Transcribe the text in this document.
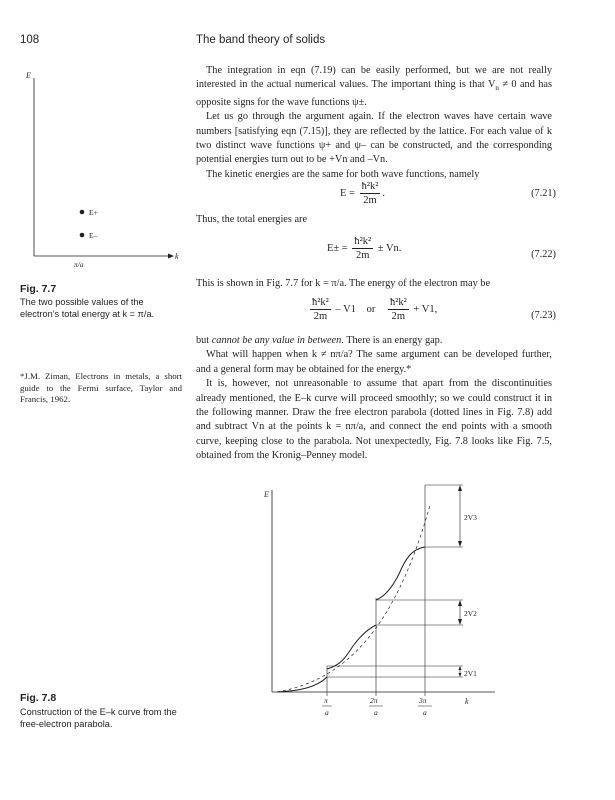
108	The band theory of solids
E
E+
E–
k
π/a
Fig. 7.7
The two possible values of the electron’s total energy at k = π/a.
*J.M. Ziman, Electrons in metals, a short guide to the Fermi surface, Taylor and Francis, 1962.

The integration in eqn (7.19) can be easily performed, but we are not really interested in the actual numerical values. The important thing is that $V_n \ne 0$ and has opposite signs for the wave functions ψ±.

Let us go through the argument again. If the electron waves have certain wave numbers [satisfying eqn (7.15)], they are reflected by the lattice. For each value of k two distinct wave functions ψ+ and ψ– can be constructed, and the corresponding potential energies turn out to be +Vn and –Vn.

The kinetic energies are the same for both wave functions, namely

$E = \frac{\text{ħ²k²}}{2m}$ .	(7.21)
Thus, the total energies are
$E\pm = \frac{\text{ħ²k²}}{2m} \pm Vn$.
(7.22)
This is shown in Fig. 7.7 for k = π/a. The energy of the electron may be
$\frac{\text{ħ²k²}}{2m} - V1$ or $\frac{\text{ħ²k²}}{2m} + V1$,
(7.23)

but cannot be any value in between. There is an energy gap.

What will happen when k ≠ nπ/a? The same argument can be developed further, and a general form may be obtained for the energy.*

It is, however, not unreasonable to assume that apart from the discontinuities already mentioned, the E–k curve will proceed smoothly; so we could construct it in the following manner. Draw the free electron parabola (dotted lines in Fig. 7.8) add and subtract Vn at the points k = nπ/a, and connect the end points with a smooth curve, keeping close to the parabola. Not unexpectedly, Fig. 7.8 looks like Fig. 7.5, obtained from the Kronig–Penney model.

E
2V3
2V2
2V1
π
a
2π
a
3π
a
k
Fig. 7.8
Construction of the E–k curve from the free-electron parabola.
